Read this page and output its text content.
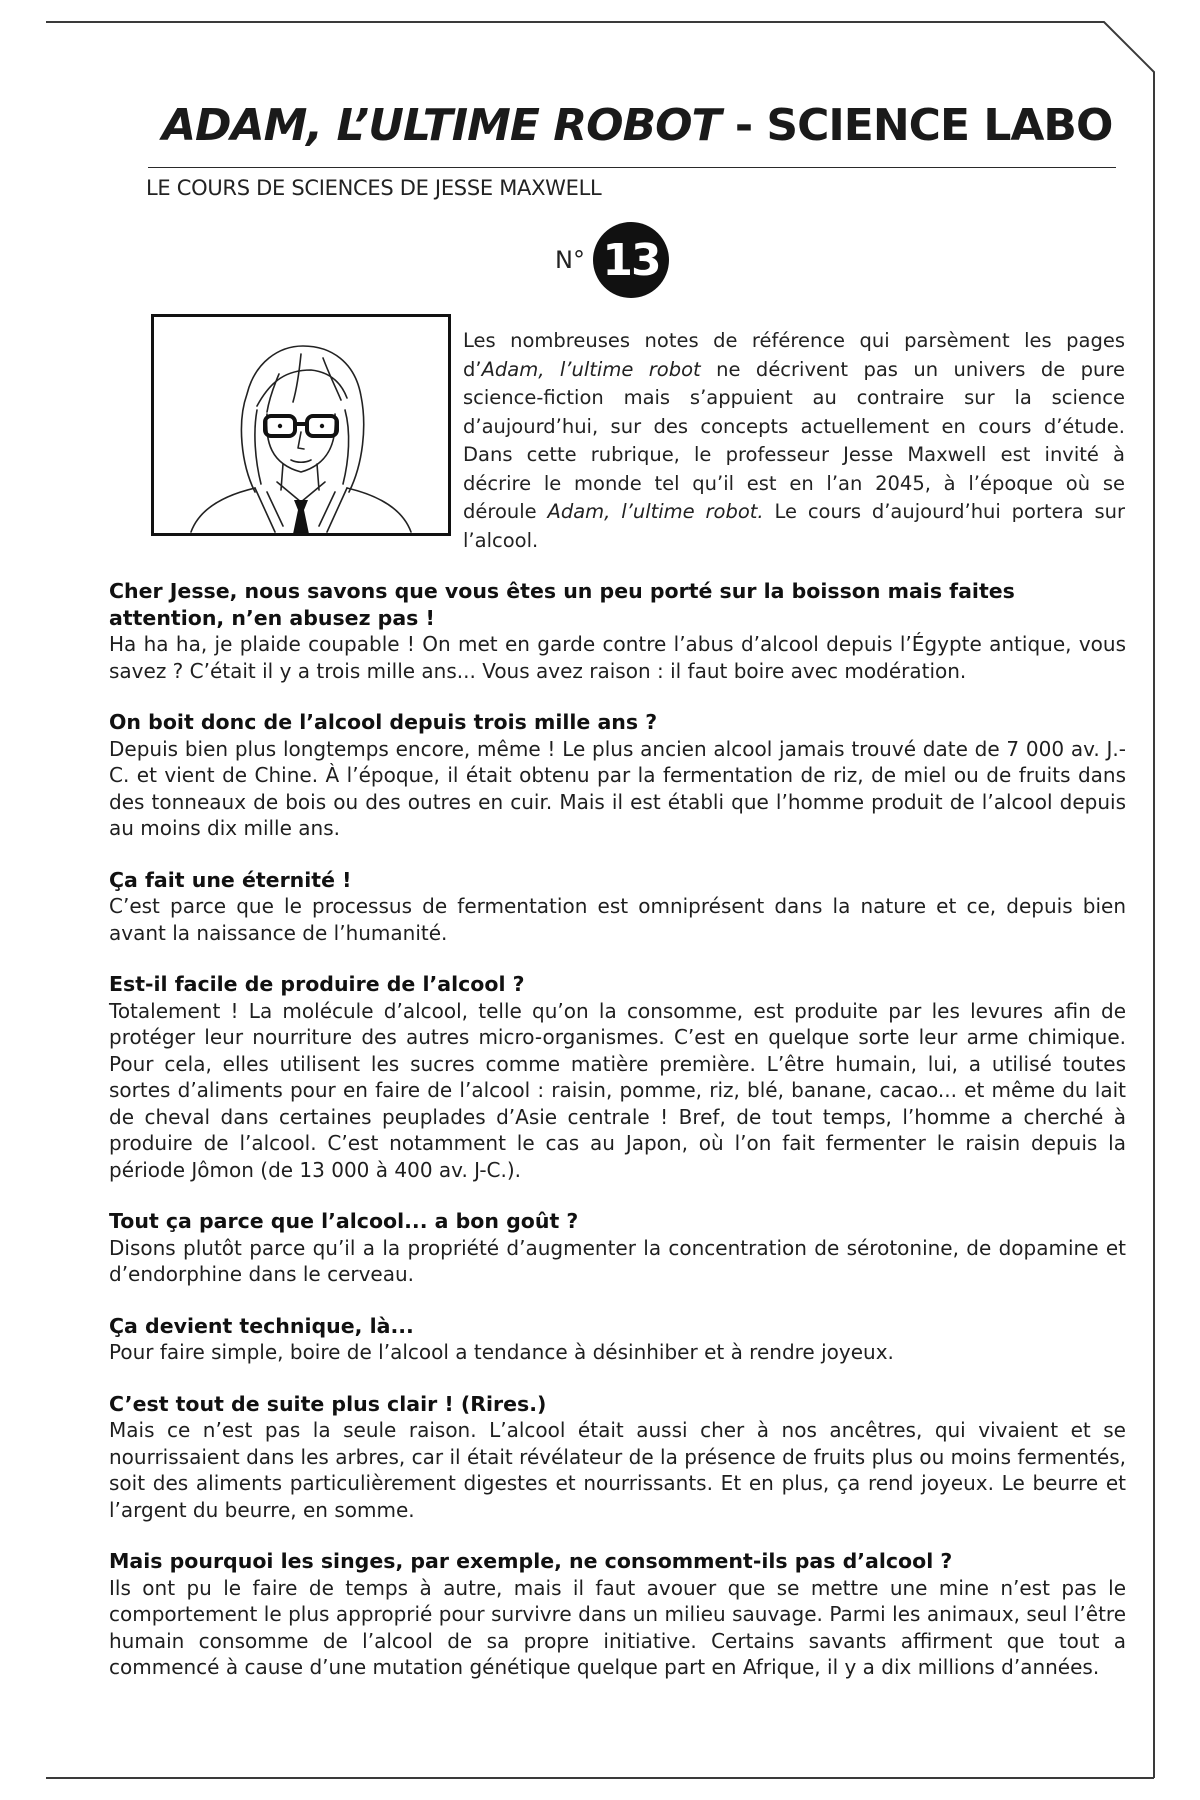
ADAM, L’ULTIME ROBOT - SCIENCE LABO
LE COURS DE SCIENCES DE JESSE MAXWELL
N° 13

Les nombreuses notes de référence qui parsèment les pages d’Adam, l’ultime robot ne décrivent pas un univers de pure science-fiction mais s’appuient au contraire sur la science d’aujourd’hui, sur des concepts actuellement en cours d’étude. Dans cette rubrique, le professeur Jesse Maxwell est invité à décrire le monde tel qu’il est en l’an 2045, à l’époque où se déroule Adam, l’ultime robot. Le cours d’aujourd’hui portera sur l’alcool.

Cher Jesse, nous savons que vous êtes un peu porté sur la boisson mais faites attention, n’en abusez pas !

Ha ha ha, je plaide coupable ! On met en garde contre l’abus d’alcool depuis l’Égypte antique, vous savez ? C’était il y a trois mille ans... Vous avez raison : il faut boire avec modération.

On boit donc de l’alcool depuis trois mille ans ?

Depuis bien plus longtemps encore, même ! Le plus ancien alcool jamais trouvé date de 7 000 av. J.-C. et vient de Chine. À l’époque, il était obtenu par la fermentation de riz, de miel ou de fruits dans des tonneaux de bois ou des outres en cuir. Mais il est établi que l’homme produit de l’alcool depuis au moins dix mille ans.

Ça fait une éternité !

C’est parce que le processus de fermentation est omniprésent dans la nature et ce, depuis bien avant la naissance de l’humanité.

Est-il facile de produire de l’alcool ?

Totalement ! La molécule d’alcool, telle qu’on la consomme, est produite par les levures afin de protéger leur nourriture des autres micro-organismes. C’est en quelque sorte leur arme chimique. Pour cela, elles utilisent les sucres comme matière première. L’être humain, lui, a utilisé toutes sortes d’aliments pour en faire de l’alcool : raisin, pomme, riz, blé, banane, cacao... et même du lait de cheval dans certaines peuplades d’Asie centrale ! Bref, de tout temps, l’homme a cherché à produire de l’alcool. C’est notamment le cas au Japon, où l’on fait fermenter le raisin depuis la période Jômon (de 13 000 à 400 av. J-C.).

Tout ça parce que l’alcool... a bon goût ?

Disons plutôt parce qu’il a la propriété d’augmenter la concentration de sérotonine, de dopamine et d’endorphine dans le cerveau.

Ça devient technique, là...

Pour faire simple, boire de l’alcool a tendance à désinhiber et à rendre joyeux.

C’est tout de suite plus clair ! (Rires.)

Mais ce n’est pas la seule raison. L’alcool était aussi cher à nos ancêtres, qui vivaient et se nourrissaient dans les arbres, car il était révélateur de la présence de fruits plus ou moins fermentés, soit des aliments particulièrement digestes et nourrissants. Et en plus, ça rend joyeux. Le beurre et l’argent du beurre, en somme.

Mais pourquoi les singes, par exemple, ne consomment-ils pas d’alcool ?

Ils ont pu le faire de temps à autre, mais il faut avouer que se mettre une mine n’est pas le comportement le plus approprié pour survivre dans un milieu sauvage. Parmi les animaux, seul l’être humain consomme de l’alcool de sa propre initiative. Certains savants affirment que tout a commencé à cause d’une mutation génétique quelque part en Afrique, il y a dix millions d’années.
